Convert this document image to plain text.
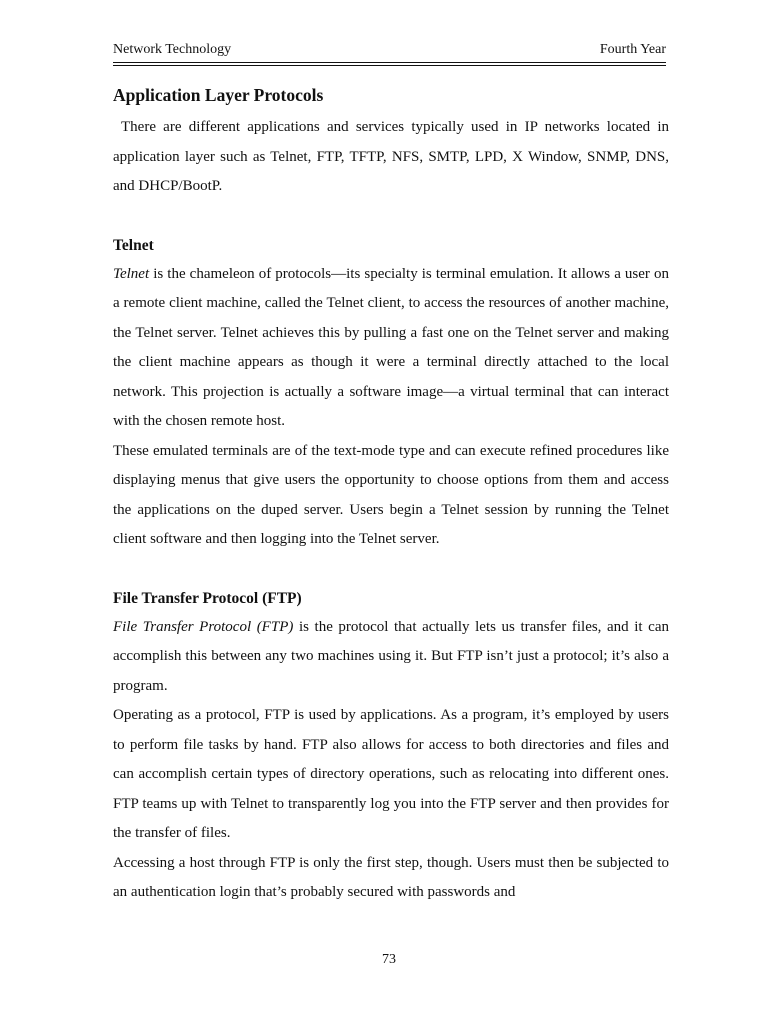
Network Technology	Fourth Year
Application Layer Protocols

There are different applications and services typically used in IP networks located in application layer such as Telnet, FTP, TFTP, NFS, SMTP, LPD, X Window, SNMP, DNS, and DHCP/BootP.

Telnet

Telnet is the chameleon of protocols—its specialty is terminal emulation. It allows a user on a remote client machine, called the Telnet client, to access the resources of another machine, the Telnet server. Telnet achieves this by pulling a fast one on the Telnet server and making the client machine appears as though it were a terminal directly attached to the local network. This projection is actually a software image—a virtual terminal that can interact with the chosen remote host.

These emulated terminals are of the text-mode type and can execute refined procedures like displaying menus that give users the opportunity to choose options from them and access the applications on the duped server. Users begin a Telnet session by running the Telnet client software and then logging into the Telnet server.

File Transfer Protocol (FTP)

File Transfer Protocol (FTP) is the protocol that actually lets us transfer files, and it can accomplish this between any two machines using it. But FTP isn’t just a protocol; it’s also a program.

Operating as a protocol, FTP is used by applications. As a program, it’s employed by users to perform file tasks by hand. FTP also allows for access to both directories and files and can accomplish certain types of directory operations, such as relocating into different ones. FTP teams up with Telnet to transparently log you into the FTP server and then provides for the transfer of files.

Accessing a host through FTP is only the first step, though. Users must then be subjected to an authentication login that’s probably secured with passwords and

73
